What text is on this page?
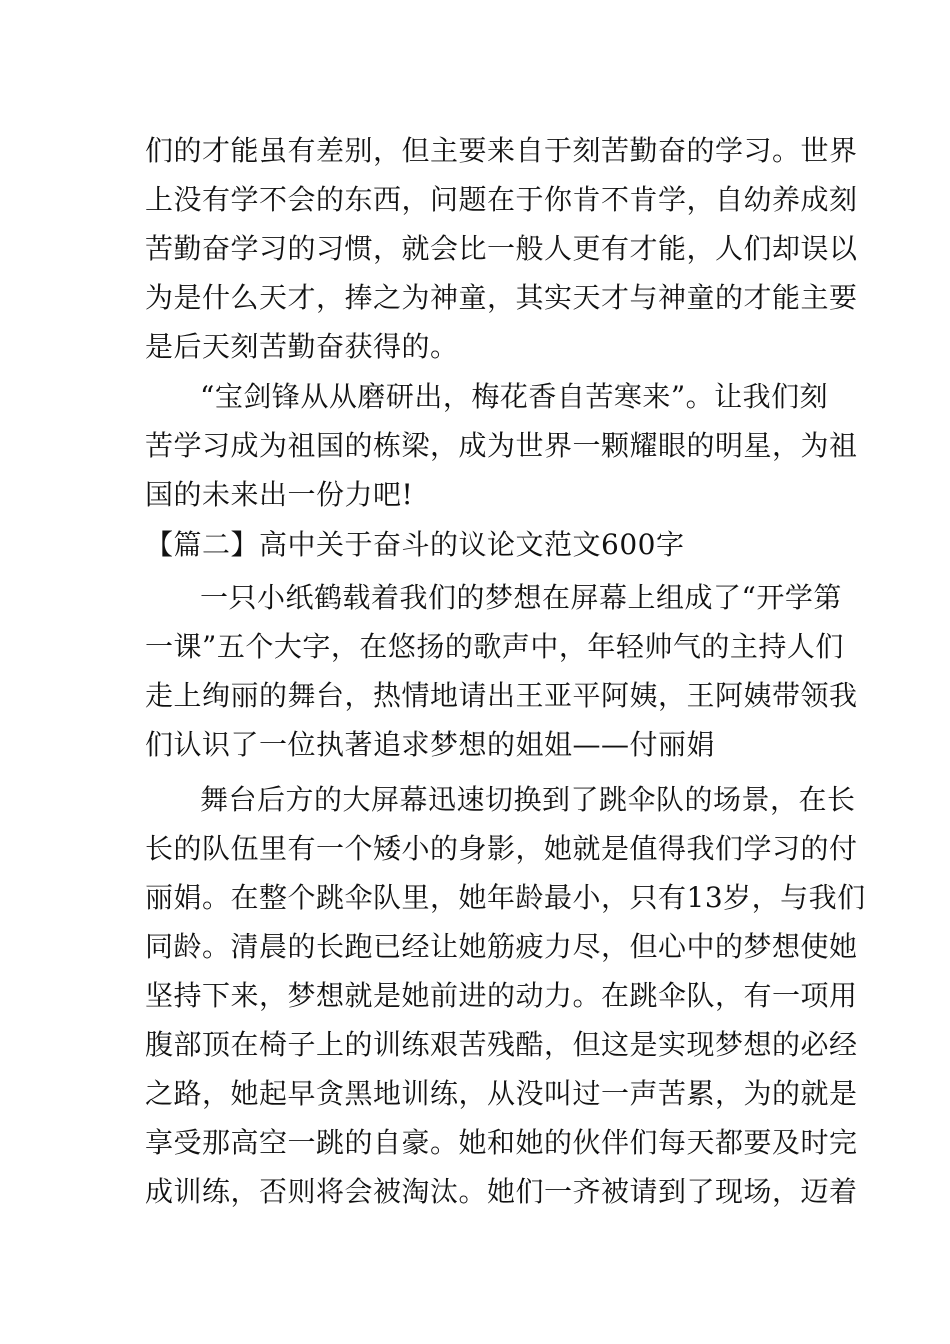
们的才能虽有差别，但主要来自于刻苦勤奋的学习。世界
上没有学不会的东西，问题在于你肯不肯学，自幼养成刻
苦勤奋学习的习惯，就会比一般人更有才能，人们却误以
为是什么天才，捧之为神童，其实天才与神童的才能主要
是后天刻苦勤奋获得的。
“宝剑锋从从磨研出，梅花香自苦寒来”。让我们刻
苦学习成为祖国的栋梁，成为世界一颗耀眼的明星，为祖
国的未来出一份力吧!
【篇二】高中关于奋斗的议论文范文600字
一只小纸鹤载着我们的梦想在屏幕上组成了“开学第
一课”五个大字，在悠扬的歌声中，年轻帅气的主持人们
走上绚丽的舞台，热情地请出王亚平阿姨，王阿姨带领我
们认识了一位执著追求梦想的姐姐——付丽娟
舞台后方的大屏幕迅速切换到了跳伞队的场景，在长
长的队伍里有一个矮小的身影，她就是值得我们学习的付
丽娟。在整个跳伞队里，她年龄最小，只有13岁，与我们
同龄。清晨的长跑已经让她筋疲力尽，但心中的梦想使她
坚持下来，梦想就是她前进的动力。在跳伞队，有一项用
腹部顶在椅子上的训练艰苦残酷，但这是实现梦想的必经
之路，她起早贪黑地训练，从没叫过一声苦累，为的就是
享受那高空一跳的自豪。她和她的伙伴们每天都要及时完
成训练，否则将会被淘汰。她们一齐被请到了现场，迈着
